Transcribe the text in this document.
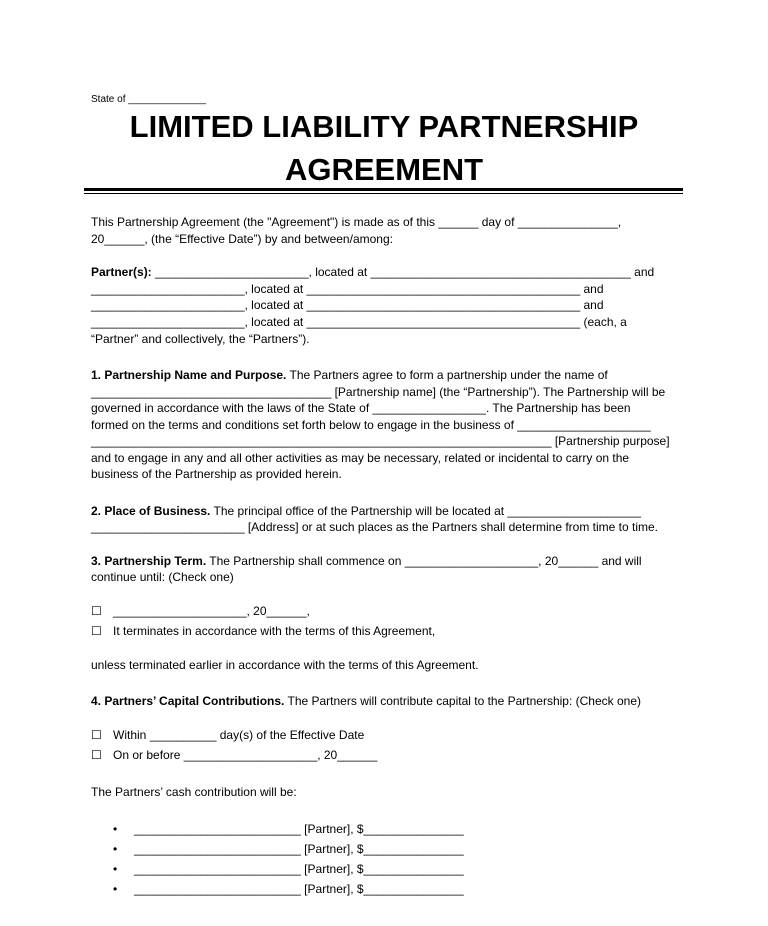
State of ______________
LIMITED LIABILITY PARTNERSHIP
AGREEMENT
This Partnership Agreement (the "Agreement") is made as of this ______ day of _______________,
20______, (the “Effective Date”) by and between/among:
Partner(s): _______________________, located at _______________________________________ and
_______________________, located at _________________________________________ and
_______________________, located at _________________________________________ and
_______________________, located at _________________________________________ (each, a
“Partner” and collectively, the “Partners”).
1. Partnership Name and Purpose. The Partners agree to form a partnership under the name of
____________________________________ [Partnership name] (the “Partnership”). The Partnership will be
governed in accordance with the laws of the State of _________________. The Partnership has been
formed on the terms and conditions set forth below to engage in the business of ____________________
_____________________________________________________________________ [Partnership purpose]
and to engage in any and all other activities as may be necessary, related or incidental to carry on the
business of the Partnership as provided herein.
2. Place of Business. The principal office of the Partnership will be located at ____________________
_______________________ [Address] or at such places as the Partners shall determine from time to time.
3. Partnership Term. The Partnership shall commence on ____________________, 20______ and will
continue until: (Check one)
☐ ____________________, 20______,
☐ It terminates in accordance with the terms of this Agreement,
unless terminated earlier in accordance with the terms of this Agreement.
4. Partners’ Capital Contributions. The Partners will contribute capital to the Partnership: (Check one)
☐ Within __________ day(s) of the Effective Date
☐ On or before ____________________, 20______
The Partners’ cash contribution will be:
• _________________________ [Partner], $_______________
• _________________________ [Partner], $_______________
• _________________________ [Partner], $_______________
• _________________________ [Partner], $_______________
